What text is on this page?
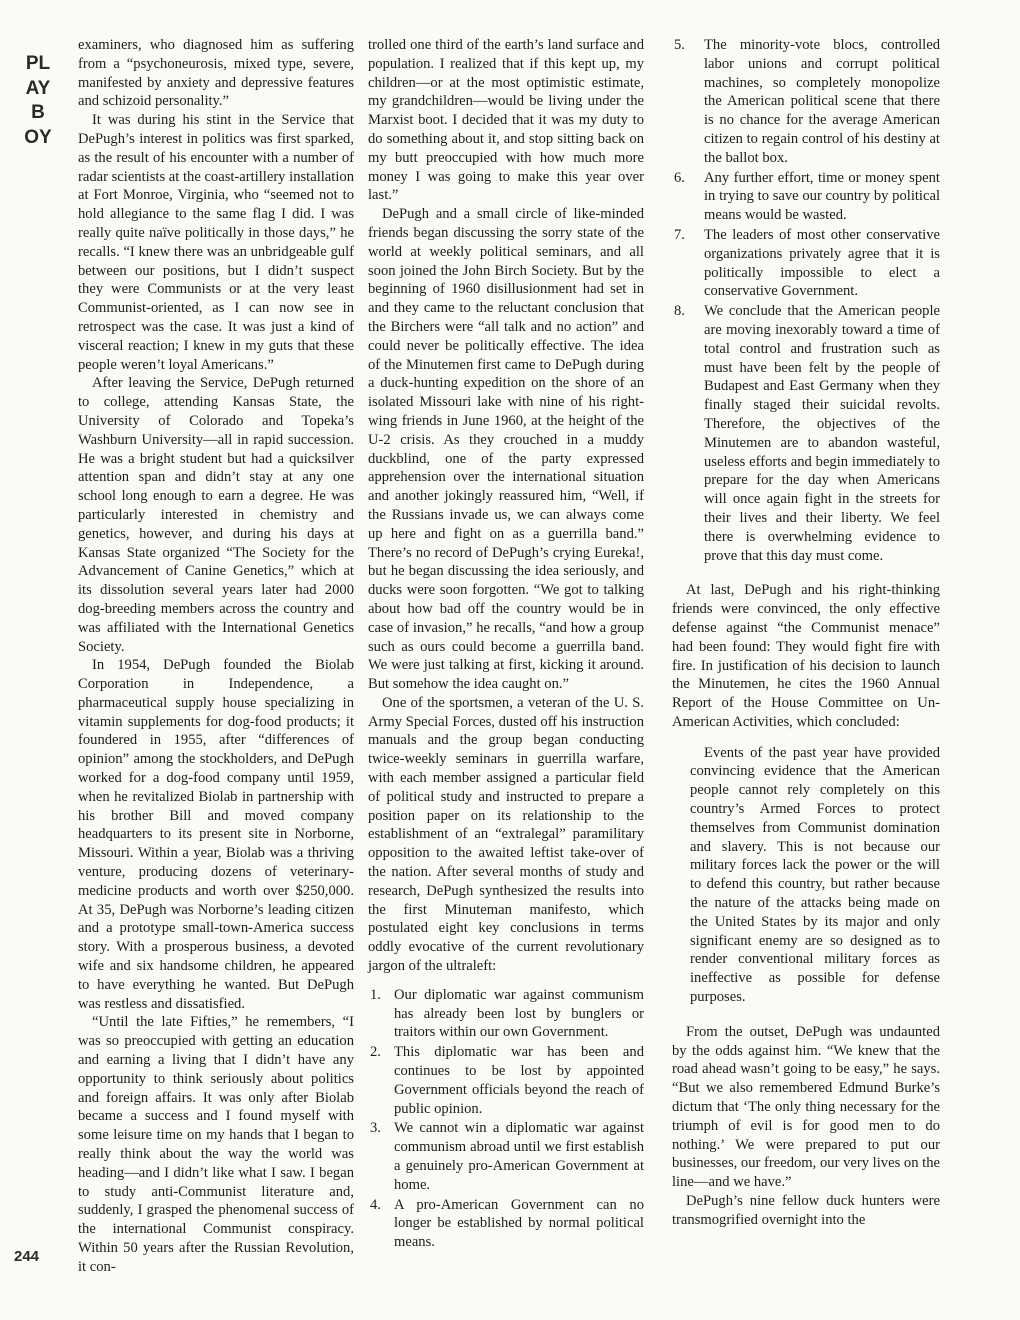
PLAYBOY
244

examiners, who diagnosed him as suffering from a “psychoneurosis, mixed type, severe, manifested by anxiety and depressive features and schizoid personality.”

It was during his stint in the Service that DePugh’s interest in politics was first sparked, as the result of his encounter with a number of radar scientists at the coast-artillery installation at Fort Monroe, Virginia, who “seemed not to hold allegiance to the same flag I did. I was really quite naïve politically in those days,” he recalls. “I knew there was an unbridgeable gulf between our positions, but I didn’t suspect they were Communists or at the very least Communist-oriented, as I can now see in retrospect was the case. It was just a kind of visceral reaction; I knew in my guts that these people weren’t loyal Americans.”

After leaving the Service, DePugh returned to college, attending Kansas State, the University of Colorado and Topeka’s Washburn University—all in rapid succession. He was a bright student but had a quicksilver attention span and didn’t stay at any one school long enough to earn a degree. He was particularly interested in chemistry and genetics, however, and during his days at Kansas State organized “The Society for the Advancement of Canine Genetics,” which at its dissolution several years later had 2000 dog-breeding members across the country and was affiliated with the International Genetics Society.

In 1954, DePugh founded the Biolab Corporation in Independence, a pharmaceutical supply house specializing in vitamin supplements for dog-food products; it foundered in 1955, after “differences of opinion” among the stockholders, and DePugh worked for a dog-food company until 1959, when he revitalized Biolab in partnership with his brother Bill and moved company headquarters to its present site in Norborne, Missouri. Within a year, Biolab was a thriving venture, producing dozens of veterinary-medicine products and worth over $250,000. At 35, DePugh was Norborne’s leading citizen and a prototype small-town-America success story. With a prosperous business, a devoted wife and six handsome children, he appeared to have everything he wanted. But DePugh was restless and dissatisfied.

“Until the late Fifties,” he remembers, “I was so preoccupied with getting an education and earning a living that I didn’t have any opportunity to think seriously about politics and foreign affairs. It was only after Biolab became a success and I found myself with some leisure time on my hands that I began to really think about the way the world was heading—and I didn’t like what I saw. I began to study anti-Communist literature and, suddenly, I grasped the phenomenal success of the international Communist conspiracy. Within 50 years after the Russian Revolution, it con-

trolled one third of the earth’s land surface and population. I realized that if this kept up, my children—or at the most optimistic estimate, my grandchildren—would be living under the Marxist boot. I decided that it was my duty to do something about it, and stop sitting back on my butt preoccupied with how much more money I was going to make this year over last.”

DePugh and a small circle of like-minded friends began discussing the sorry state of the world at weekly political seminars, and all soon joined the John Birch Society. But by the beginning of 1960 disillusionment had set in and they came to the reluctant conclusion that the Birchers were “all talk and no action” and could never be politically effective. The idea of the Minutemen first came to DePugh during a duck-hunting expedition on the shore of an isolated Missouri lake with nine of his right-wing friends in June 1960, at the height of the U-2 crisis. As they crouched in a muddy duckblind, one of the party expressed apprehension over the international situation and another jokingly reassured him, “Well, if the Russians invade us, we can always come up here and fight on as a guerrilla band.” There’s no record of DePugh’s crying Eureka!, but he began discussing the idea seriously, and ducks were soon forgotten. “We got to talking about how bad off the country would be in case of invasion,” he recalls, “and how a group such as ours could become a guerrilla band. We were just talking at first, kicking it around. But somehow the idea caught on.”

One of the sportsmen, a veteran of the U. S. Army Special Forces, dusted off his instruction manuals and the group began conducting twice-weekly seminars in guerrilla warfare, with each member assigned a particular field of political study and instructed to prepare a position paper on its relationship to the establishment of an “extralegal” paramilitary opposition to the awaited leftist take-over of the nation. After several months of study and research, DePugh synthesized the results into the first Minuteman manifesto, which postulated eight key conclusions in terms oddly evocative of the current revolutionary jargon of the ultraleft:

1. Our diplomatic war against communism has already been lost by bunglers or traitors within our own Government.
2. This diplomatic war has been and continues to be lost by appointed Government officials beyond the reach of public opinion.
3. We cannot win a diplomatic war against communism abroad until we first establish a genuinely pro-American Government at home.
4. A pro-American Government can no longer be established by normal political means.
5.	The minority-vote blocs, controlled labor unions and corrupt political machines, so completely monopolize the American political scene that there is no chance for the average American citizen to regain control of his destiny at the ballot box.
6.	Any further effort, time or money spent in trying to save our country by political means would be wasted.
7.	The leaders of most other conservative organizations privately agree that it is politically impossible to elect a conservative Government.
8.	We conclude that the American people are moving inexorably toward a time of total control and frustration such as must have been felt by the people of Budapest and East Germany when they finally staged their suicidal revolts. Therefore, the objectives of the Minutemen are to abandon wasteful, useless efforts and begin immediately to prepare for the day when Americans will once again fight in the streets for their lives and their liberty. We feel there is overwhelming evidence to prove that this day must come.

At last, DePugh and his right-thinking friends were convinced, the only effective defense against “the Communist menace” had been found: They would fight fire with fire. In justification of his decision to launch the Minutemen, he cites the 1960 Annual Report of the House Committee on Un-American Activities, which concluded:

Events of the past year have provided convincing evidence that the American people cannot rely completely on this country’s Armed Forces to protect themselves from Communist domination and slavery. This is not because our military forces lack the power or the will to defend this country, but rather because the nature of the attacks being made on the United States by its major and only significant enemy are so designed as to render conventional military forces as ineffective as possible for defense purposes.

From the outset, DePugh was undaunted by the odds against him. “We knew that the road ahead wasn’t going to be easy,” he says. “But we also remembered Edmund Burke’s dictum that ‘The only thing necessary for the triumph of evil is for good men to do nothing.’ We were prepared to put our businesses, our freedom, our very lives on the line—and we have.”

DePugh’s nine fellow duck hunters were transmogrified overnight into the
